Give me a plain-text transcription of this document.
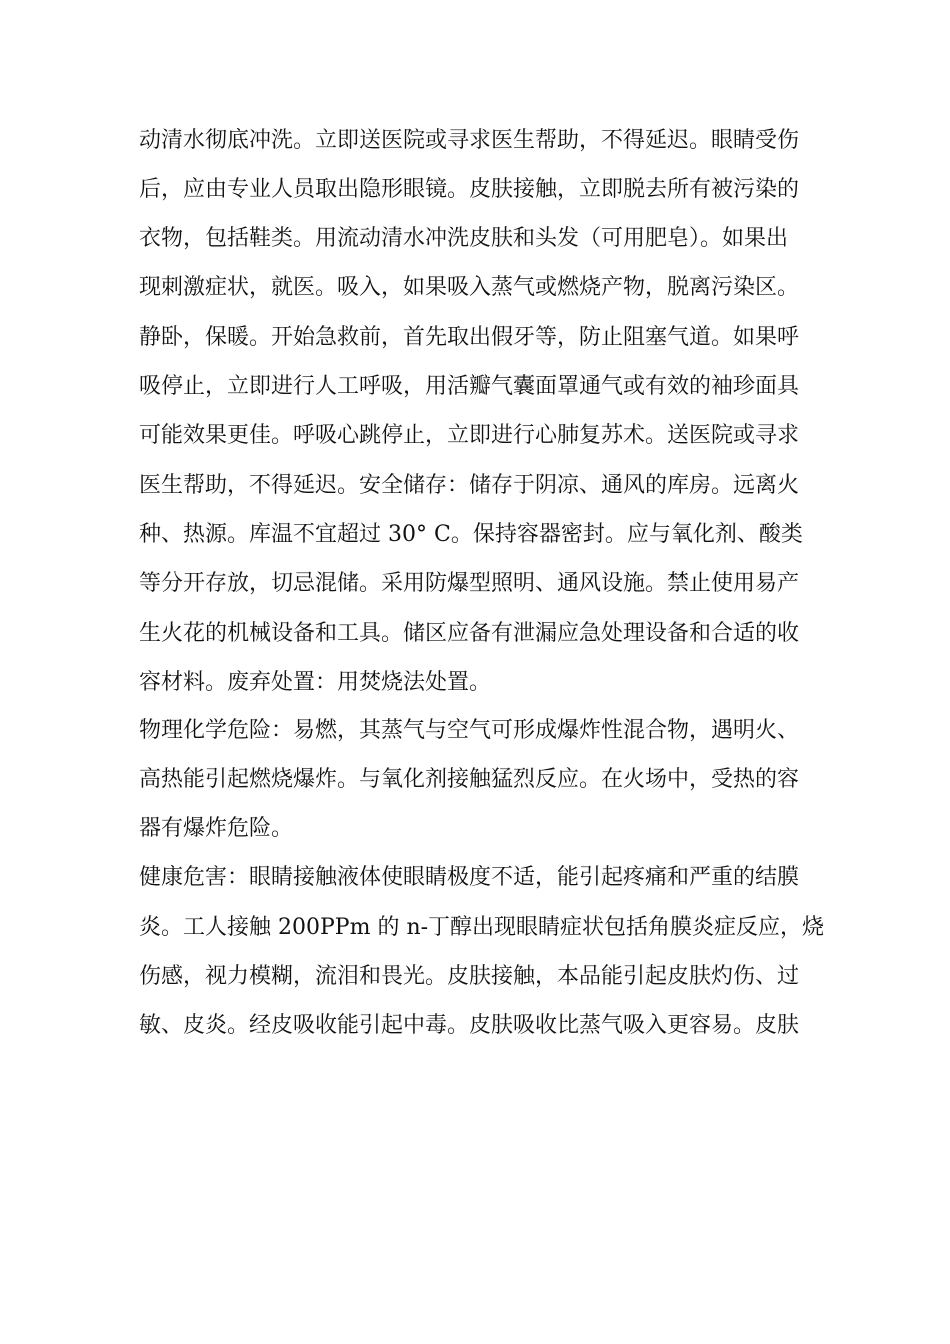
动清水彻底冲洗。立即送医院或寻求医生帮助，不得延迟。眼睛受伤
后，应由专业人员取出隐形眼镜。皮肤接触，立即脱去所有被污染的
衣物，包括鞋类。用流动清水冲洗皮肤和头发（可用肥皂）。如果出
现刺激症状，就医。吸入，如果吸入蒸气或燃烧产物，脱离污染区。
静卧，保暖。开始急救前，首先取出假牙等，防止阻塞气道。如果呼
吸停止，立即进行人工呼吸，用活瓣气囊面罩通气或有效的袖珍面具
可能效果更佳。呼吸心跳停止，立即进行心肺复苏术。送医院或寻求
医生帮助，不得延迟。安全储存：储存于阴凉、通风的库房。远离火
种、热源。库温不宜超过 30° C。保持容器密封。应与氧化剂、酸类
等分开存放，切忌混储。采用防爆型照明、通风设施。禁止使用易产
生火花的机械设备和工具。储区应备有泄漏应急处理设备和合适的收
容材料。废弃处置：用焚烧法处置。
物理化学危险：易燃，其蒸气与空气可形成爆炸性混合物，遇明火、
高热能引起燃烧爆炸。与氧化剂接触猛烈反应。在火场中，受热的容
器有爆炸危险。
健康危害：眼睛接触液体使眼睛极度不适，能引起疼痛和严重的结膜
炎。工人接触 200PPm 的 n-丁醇出现眼睛症状包括角膜炎症反应，烧
伤感，视力模糊，流泪和畏光。皮肤接触，本品能引起皮肤灼伤、过
敏、皮炎。经皮吸收能引起中毒。皮肤吸收比蒸气吸入更容易。皮肤
